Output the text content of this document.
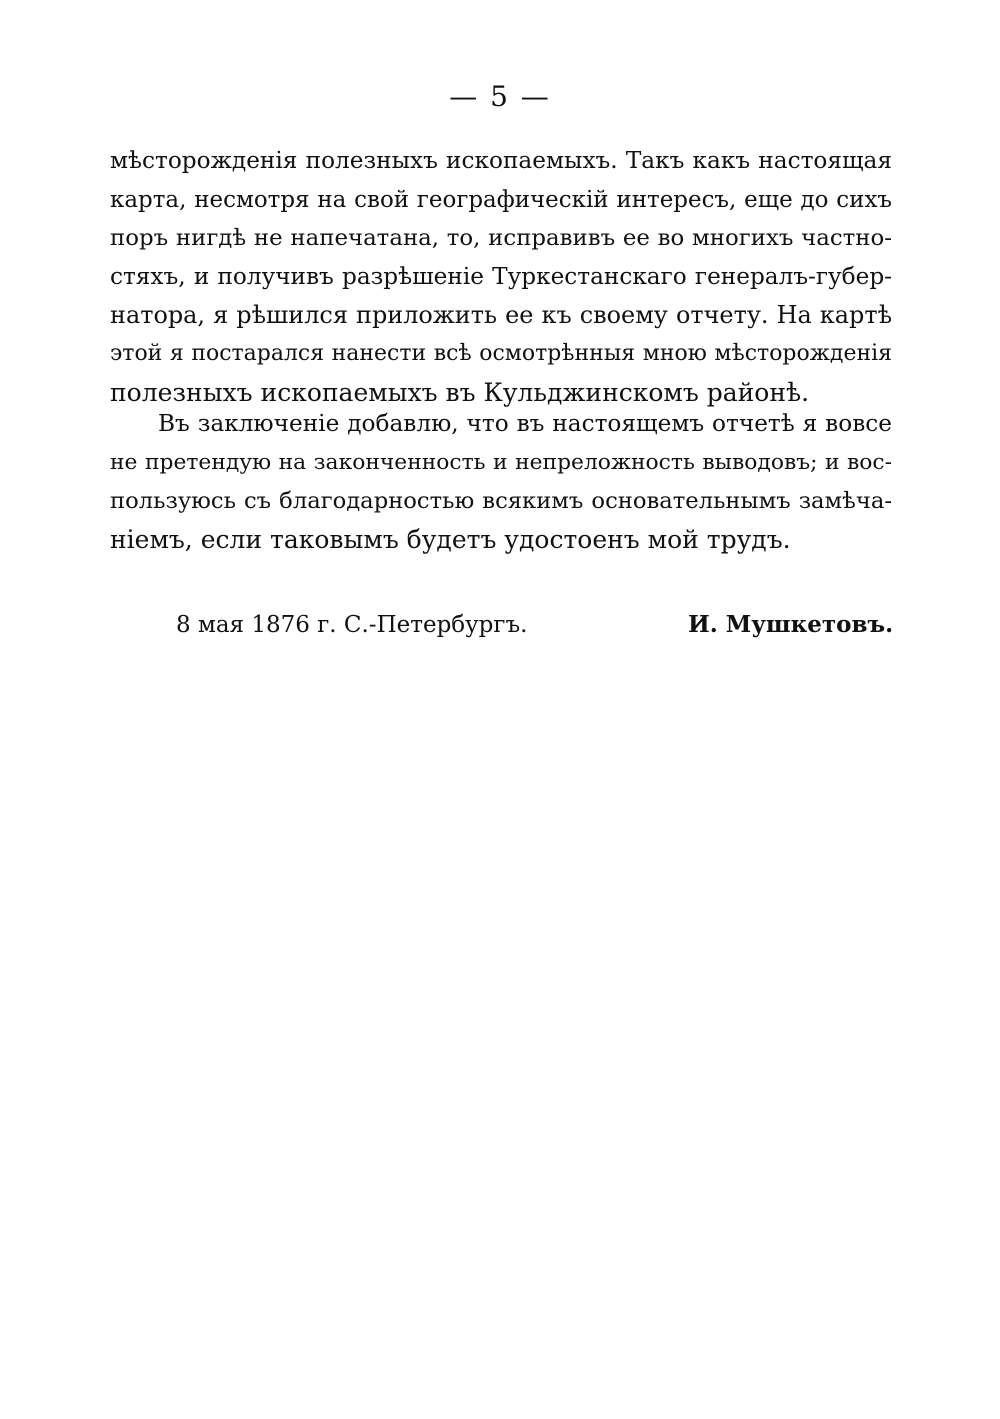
— 5 —
мѣсторожденія полезныхъ ископаемыхъ. Такъ какъ настоящая
карта, несмотря на свой географическій интересъ, еще до сихъ
поръ нигдѣ не напечатана, то, исправивъ ее во многихъ частно-
стяхъ, и получивъ разрѣшеніе Туркестанскаго генералъ-губер-
натора, я рѣшился приложить ее къ своему отчету. На картѣ
этой я постарался нанести всѣ осмотрѣнныя мною мѣсторожденія
полезныхъ ископаемыхъ въ Кульджинскомъ районѣ.
Въ заключеніе добавлю, что въ настоящемъ отчетѣ я вовсе
не претендую на законченность и непреложность выводовъ; и вос-
пользуюсь съ благодарностью всякимъ основательнымъ замѣча-
ніемъ, если таковымъ будетъ удостоенъ мой трудъ.
8 мая 1876 г. С.-Петербургъ.	И. Мушкетовъ.
